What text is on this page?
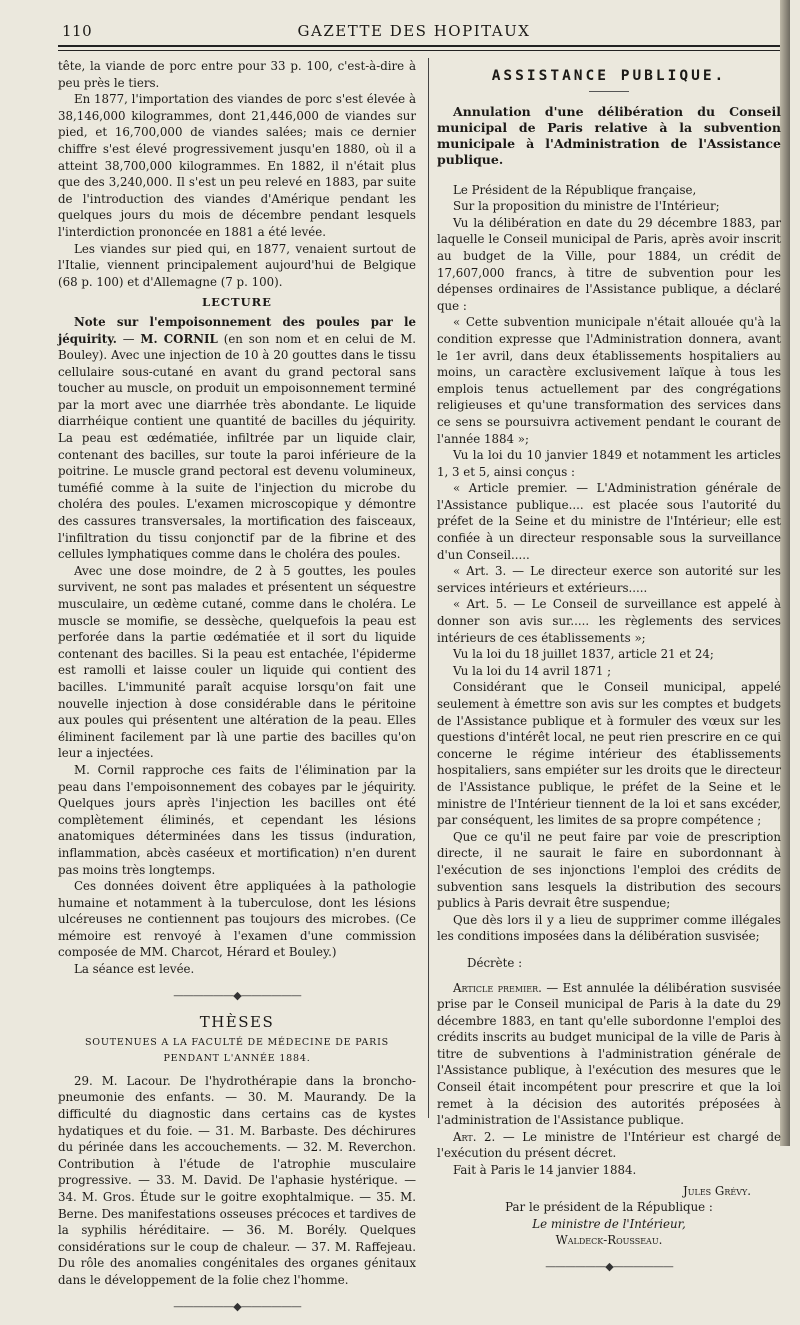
110	GAZETTE DES HOPITAUX

tête, la viande de porc entre pour 33 p. 100, c'est-à-dire à peu près le tiers.

En 1877, l'importation des viandes de porc s'est élevée à 38,146,000 kilogrammes, dont 21,446,000 de viandes sur pied, et 16,700,000 de viandes salées; mais ce dernier chiffre s'est élevé progressivement jusqu'en 1880, où il a atteint 38,700,000 kilogrammes. En 1882, il n'était plus que des 3,240,000. Il s'est un peu relevé en 1883, par suite de l'introduction des viandes d'Amérique pendant les quelques jours du mois de décembre pendant lesquels l'interdiction prononcée en 1881 a été levée.

Les viandes sur pied qui, en 1877, venaient surtout de l'Italie, viennent principalement aujourd'hui de Belgique (68 p. 100) et d'Allemagne (7 p. 100).

LECTURE

Note sur l'empoisonnement des poules par le jéquirity. — M. CORNIL (en son nom et en celui de M. Bouley). Avec une injection de 10 à 20 gouttes dans le tissu cellulaire sous-cutané en avant du grand pectoral sans toucher au muscle, on produit un empoisonnement terminé par la mort avec une diarrhée très abondante. Le liquide diarrhéique contient une quantité de bacilles du jéquirity. La peau est œdématiée, infiltrée par un liquide clair, contenant des bacilles, sur toute la paroi inférieure de la poitrine. Le muscle grand pectoral est devenu volumineux, tuméfié comme à la suite de l'injection du microbe du choléra des poules. L'examen microscopique y démontre des cassures transversales, la mortification des faisceaux, l'infiltration du tissu conjonctif par de la fibrine et des cellules lymphatiques comme dans le choléra des poules.

Avec une dose moindre, de 2 à 5 gouttes, les poules survivent, ne sont pas malades et présentent un séquestre musculaire, un œdème cutané, comme dans le choléra. Le muscle se momifie, se dessèche, quelquefois la peau est perforée dans la partie œdématiée et il sort du liquide contenant des bacilles. Si la peau est entachée, l'épiderme est ramolli et laisse couler un liquide qui contient des bacilles. L'immunité paraît acquise lorsqu'on fait une nouvelle injection à dose considérable dans le péritoine aux poules qui présentent une altération de la peau. Elles éliminent facilement par là une partie des bacilles qu'on leur a injectées.

M. Cornil rapproche ces faits de l'élimination par la peau dans l'empoisonnement des cobayes par le jéquirity. Quelques jours après l'injection les bacilles ont été complètement éliminés, et cependant les lésions anatomiques déterminées dans les tissus (induration, inflammation, abcès caséeux et mortification) n'en durent pas moins très longtemps.

Ces données doivent être appliquées à la pathologie humaine et notamment à la tuberculose, dont les lésions ulcéreuses ne contiennent pas toujours des microbes. (Ce mémoire est renvoyé à l'examen d'une commission composée de MM. Charcot, Hérard et Bouley.)

La séance est levée.

——————◆——————
THÈSES
SOUTENUES A LA FACULTÉ DE MÉDECINE DE PARIS
PENDANT L'ANNÉE 1884.

29. M. Lacour. De l'hydrothérapie dans la broncho-pneumonie des enfants. — 30. M. Maurandy. De la difficulté du diagnostic dans certains cas de kystes hydatiques et du foie. — 31. M. Barbaste. Des déchirures du périnée dans les accouchements. — 32. M. Reverchon. Contribution à l'étude de l'atrophie musculaire progressive. — 33. M. David. De l'aphasie hystérique. — 34. M. Gros. Étude sur le goitre exophtalmique. — 35. M. Berne. Des manifestations osseuses précoces et tardives de la syphilis héréditaire. — 36. M. Borély. Quelques considérations sur le coup de chaleur. — 37. M. Raffejeau. Du rôle des anomalies congénitales des organes génitaux dans le développement de la folie chez l'homme.

——————◆——————
ASSISTANCE PUBLIQUE.
Annulation d'une délibération du Conseil municipal de Paris relative à la subvention municipale à l'Administration de l'Assistance publique.

Le Président de la République française,

Sur la proposition du ministre de l'Intérieur;

Vu la délibération en date du 29 décembre 1883, par laquelle le Conseil municipal de Paris, après avoir inscrit au budget de la Ville, pour 1884, un crédit de 17,607,000 francs, à titre de subvention pour les dépenses ordinaires de l'Assistance publique, a déclaré que :

« Cette subvention municipale n'était allouée qu'à la condition expresse que l'Administration donnera, avant le 1er avril, dans deux établissements hospitaliers au moins, un caractère exclusivement laïque à tous les emplois tenus actuellement par des congrégations religieuses et qu'une transformation des services dans ce sens se poursuivra activement pendant le courant de l'année 1884 »;

Vu la loi du 10 janvier 1849 et notamment les articles 1, 3 et 5, ainsi conçus :

« Article premier. — L'Administration générale de l'Assistance publique.... est placée sous l'autorité du préfet de la Seine et du ministre de l'Intérieur; elle est confiée à un directeur responsable sous la surveillance d'un Conseil.....

« Art. 3. — Le directeur exerce son autorité sur les services intérieurs et extérieurs.....

« Art. 5. — Le Conseil de surveillance est appelé à donner son avis sur..... les règlements des services intérieurs de ces établissements »;

Vu la loi du 18 juillet 1837, article 21 et 24;

Vu la loi du 14 avril 1871 ;

Considérant que le Conseil municipal, appelé seulement à émettre son avis sur les comptes et budgets de l'Assistance publique et à formuler des vœux sur les questions d'intérêt local, ne peut rien prescrire en ce qui concerne le régime intérieur des établissements hospitaliers, sans empiéter sur les droits que le directeur de l'Assistance publique, le préfet de la Seine et le ministre de l'Intérieur tiennent de la loi et sans excéder, par conséquent, les limites de sa propre compétence ;

Que ce qu'il ne peut faire par voie de prescription directe, il ne saurait le faire en subordonnant à l'exécution de ses injonctions l'emploi des crédits de subvention sans lesquels la distribution des secours publics à Paris devrait être suspendue;

Que dès lors il y a lieu de supprimer comme illégales les conditions imposées dans la délibération susvisée;

Décrète :

Article premier. — Est annulée la délibération susvisée prise par le Conseil municipal de Paris à la date du 29 décembre 1883, en tant qu'elle subordonne l'emploi des crédits inscrits au budget municipal de la ville de Paris à titre de subventions à l'administration générale de l'Assistance publique, à l'exécution des mesures que le Conseil était incompétent pour prescrire et que la loi remet à la décision des autorités préposées à l'administration de l'Assistance publique.

Art. 2. — Le ministre de l'Intérieur est chargé de l'exécution du présent décret.

Fait à Paris le 14 janvier 1884.

Jules Grévy.

Par le président de la République :

Le ministre de l'Intérieur,

Waldeck-Rousseau.

——————◆——————
